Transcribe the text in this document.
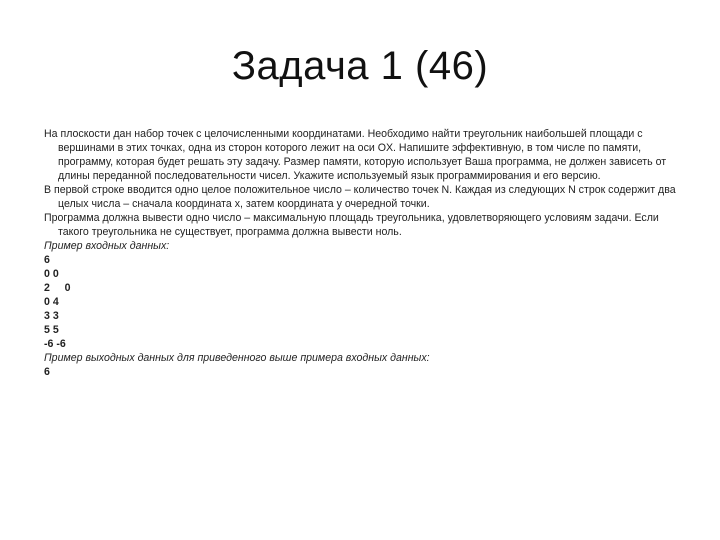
Задача 1 (46)

На плоскости дан набор точек с целочисленными координатами. Необходимо найти треугольник наибольшей площади с вершинами в этих точках, одна из сторон которого лежит на оси OX. Напишите эффективную, в том числе по памяти, программу, которая будет решать эту задачу. Размер памяти, которую использует Ваша программа, не должен зависеть от длины переданной последовательности чисел. Укажите используемый язык программирования и его версию.

В первой строке вводится одно целое положительное число – количество точек N. Каждая из следующих N строк содержит два целых числа – сначала координата x, затем координата y очередной точки.

Программа должна вывести одно число – максимальную площадь треугольника, удовлетворяющего условиям задачи. Если такого треугольника не существует, программа должна вывести ноль.

Пример входных данных:

6

0 0

2     0

0 4

3 3

5 5

-6 -6

Пример выходных данных для приведенного выше примера входных данных:

6
